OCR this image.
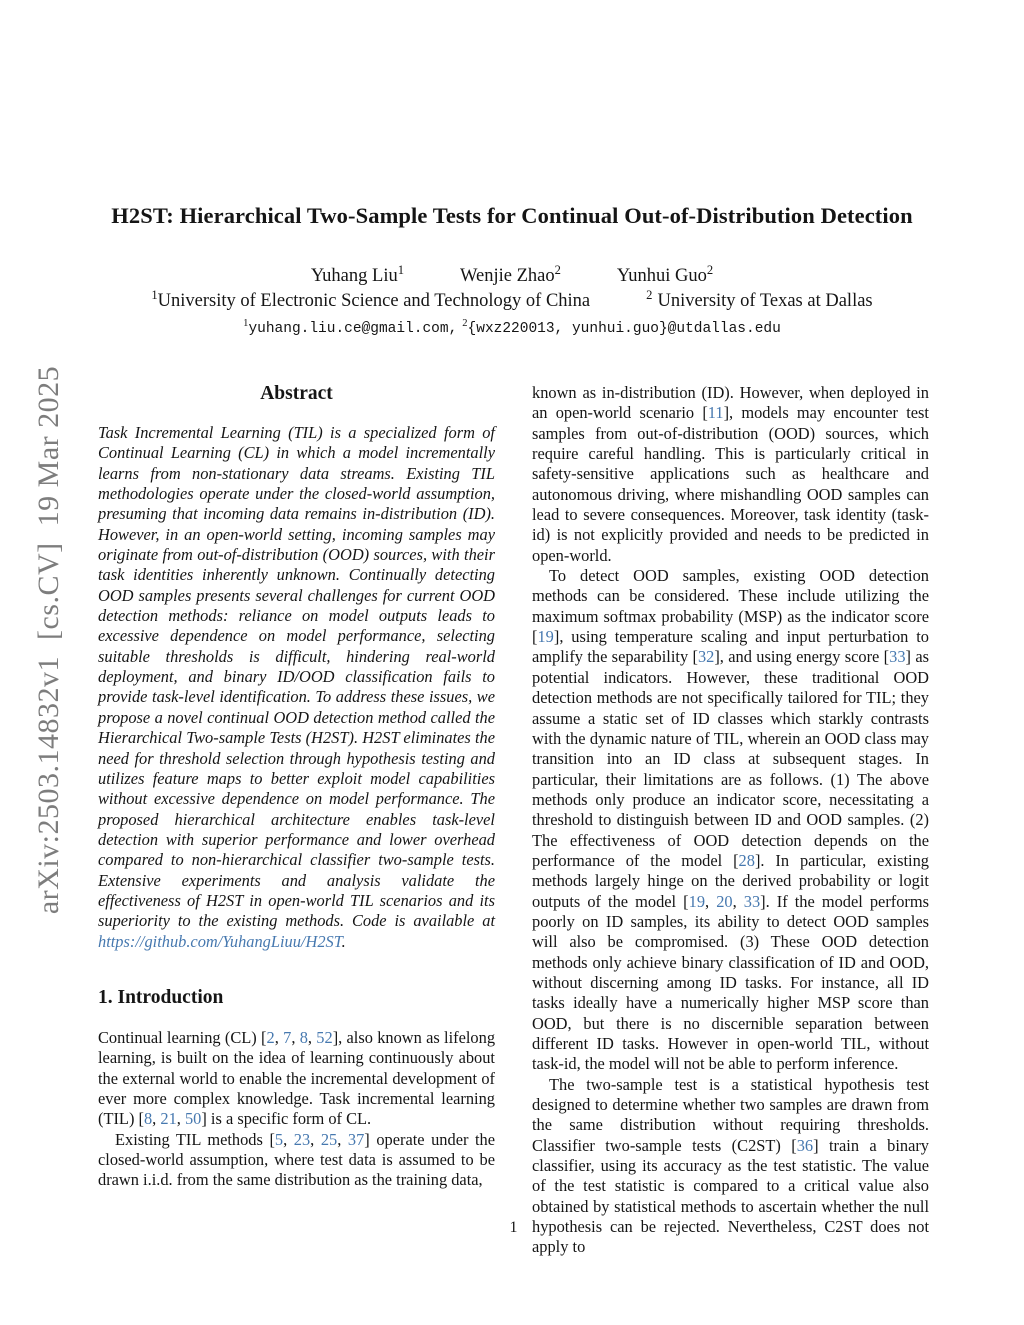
arXiv:2503.14832v1  [cs.CV]  19 Mar 2025
H2ST: Hierarchical Two-Sample Tests for Continual Out-of-Distribution Detection
Yuhang Liu$^1$	Wenjie Zhao$^2$	Yunhui Guo$^2$
$^1$University of Electronic Science and Technology of China	$^2$ University of Texas at Dallas
$^1$yuhang.liu.ce@gmail.com, $^2${wxz220013, yunhui.guo}@utdallas.edu
Abstract

Task Incremental Learning (TIL) is a specialized form of Continual Learning (CL) in which a model incrementally learns from non-stationary data streams. Existing TIL methodologies operate under the closed-world assumption, presuming that incoming data remains in-distribution (ID). However, in an open-world setting, incoming samples may originate from out-of-distribution (OOD) sources, with their task identities inherently unknown. Continually detecting OOD samples presents several challenges for current OOD detection methods: reliance on model outputs leads to excessive dependence on model performance, selecting suitable thresholds is difficult, hindering real-world deployment, and binary ID/OOD classification fails to provide task-level identification. To address these issues, we propose a novel continual OOD detection method called the Hierarchical Two-sample Tests (H2ST). H2ST eliminates the need for threshold selection through hypothesis testing and utilizes feature maps to better exploit model capabilities without excessive dependence on model performance. The proposed hierarchical architecture enables task-level detection with superior performance and lower overhead compared to non-hierarchical classifier two-sample tests. Extensive experiments and analysis validate the effectiveness of H2ST in open-world TIL scenarios and its superiority to the existing methods. Code is available at https://github.com/YuhangLiuu/H2ST.

1. Introduction

Continual learning (CL) [2, 7, 8, 52], also known as lifelong learning, is built on the idea of learning continuously about the external world to enable the incremental development of ever more complex knowledge. Task incremental learning (TIL) [8, 21, 50] is a specific form of CL.

Existing TIL methods [5, 23, 25, 37] operate under the closed-world assumption, where test data is assumed to be drawn i.i.d. from the same distribution as the training data,

known as in-distribution (ID). However, when deployed in an open-world scenario [11], models may encounter test samples from out-of-distribution (OOD) sources, which require careful handling. This is particularly critical in safety-sensitive applications such as healthcare and autonomous driving, where mishandling OOD samples can lead to severe consequences. Moreover, task identity (task-id) is not explicitly provided and needs to be predicted in open-world.

To detect OOD samples, existing OOD detection methods can be considered. These include utilizing the maximum softmax probability (MSP) as the indicator score [19], using temperature scaling and input perturbation to amplify the separability [32], and using energy score [33] as potential indicators. However, these traditional OOD detection methods are not specifically tailored for TIL; they assume a static set of ID classes which starkly contrasts with the dynamic nature of TIL, wherein an OOD class may transition into an ID class at subsequent stages. In particular, their limitations are as follows. (1) The above methods only produce an indicator score, necessitating a threshold to distinguish between ID and OOD samples. (2) The effectiveness of OOD detection depends on the performance of the model [28]. In particular, existing methods largely hinge on the derived probability or logit outputs of the model [19, 20, 33]. If the model performs poorly on ID samples, its ability to detect OOD samples will also be compromised. (3) These OOD detection methods only achieve binary classification of ID and OOD, without discerning among ID tasks. For instance, all ID tasks ideally have a numerically higher MSP score than OOD, but there is no discernible separation between different ID tasks. However in open-world TIL, without task-id, the model will not be able to perform inference.

The two-sample test is a statistical hypothesis test designed to determine whether two samples are drawn from the same distribution without requiring thresholds. Classifier two-sample tests (C2ST) [36] train a binary classifier, using its accuracy as the test statistic. The value of the test statistic is compared to a critical value also obtained by statistical methods to ascertain whether the null hypothesis can be rejected. Nevertheless, C2ST does not apply to

1
